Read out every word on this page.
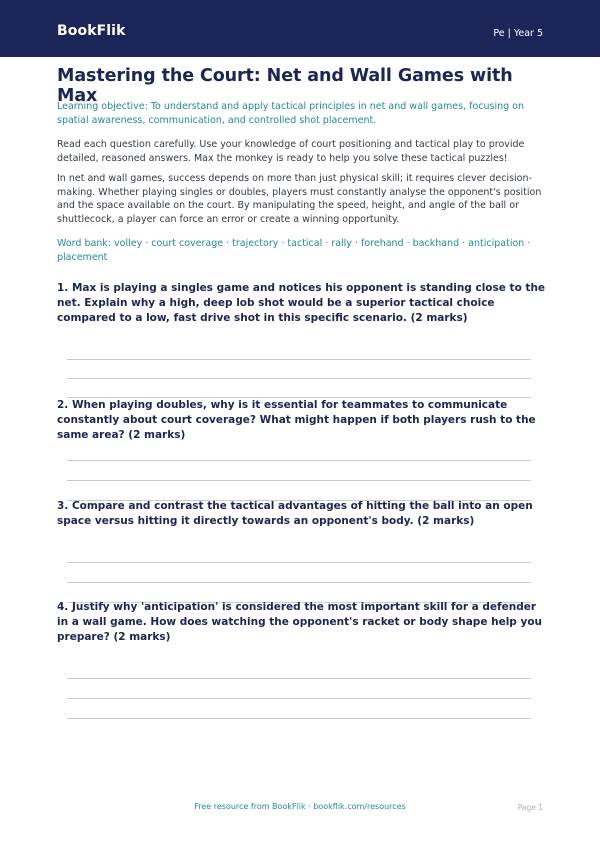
BookFlik	Pe | Year 5
Mastering the Court: Net and Wall Games with Max

Learning objective: To understand and apply tactical principles in net and wall games, focusing on spatial awareness, communication, and controlled shot placement.

Read each question carefully. Use your knowledge of court positioning and tactical play to provide detailed, reasoned answers. Max the monkey is ready to help you solve these tactical puzzles!

In net and wall games, success depends on more than just physical skill; it requires clever decision-making. Whether playing singles or doubles, players must constantly analyse the opponent's position and the space available on the court. By manipulating the speed, height, and angle of the ball or shuttlecock, a player can force an error or create a winning opportunity.

Word bank: volley · court coverage · trajectory · tactical · rally · forehand · backhand · anticipation · placement

1. Max is playing a singles game and notices his opponent is standing close to the net. Explain why a high, deep lob shot would be a superior tactical choice compared to a low, fast drive shot in this specific scenario. (2 marks)

2. When playing doubles, why is it essential for teammates to communicate constantly about court coverage? What might happen if both players rush to the same area? (2 marks)

3. Compare and contrast the tactical advantages of hitting the ball into an open space versus hitting it directly towards an opponent's body. (2 marks)

4. Justify why 'anticipation' is considered the most important skill for a defender in a wall game. How does watching the opponent's racket or body shape help you prepare? (2 marks)

Free resource from BookFlik · bookflik.com/resources	Page 1
